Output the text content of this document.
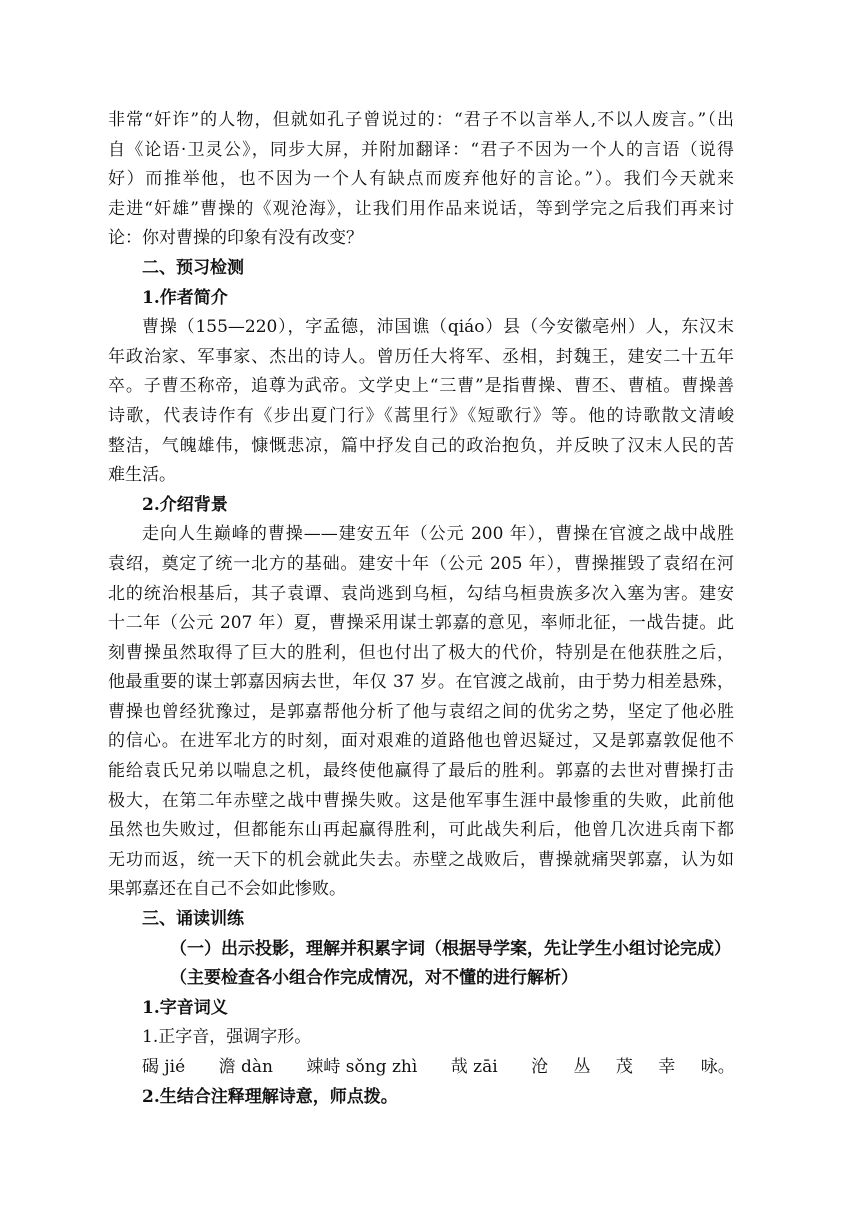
非常“奸诈”的人物，但就如孔子曾说过的：“君子不以言举人,不以人废言。”（出
自《论语·卫灵公》，同步大屏，并附加翻译：“君子不因为一个人的言语（说得
好）而推举他，也不因为一个人有缺点而废弃他好的言论。”）。我们今天就来
走进“奸雄”曹操的《观沧海》，让我们用作品来说话，等到学完之后我们再来讨
论：你对曹操的印象有没有改变？
二、预习检测
1.作者简介
曹操（155—220），字孟德，沛国谯（qiáo）县（今安徽亳州）人，东汉末
年政治家、军事家、杰出的诗人。曾历任大将军、丞相，封魏王，建安二十五年
卒。子曹丕称帝，追尊为武帝。文学史上“三曹”是指曹操、曹丕、曹植。曹操善
诗歌，代表诗作有《步出夏门行》《蒿里行》《短歌行》等。他的诗歌散文清峻
整洁，气魄雄伟，慷慨悲凉，篇中抒发自己的政治抱负，并反映了汉末人民的苦
难生活。
2.介绍背景
走向人生巅峰的曹操——建安五年（公元 200 年），曹操在官渡之战中战胜
袁绍，奠定了统一北方的基础。建安十年（公元 205 年），曹操摧毁了袁绍在河
北的统治根基后，其子袁谭、袁尚逃到乌桓，勾结乌桓贵族多次入塞为害。建安
十二年（公元 207 年）夏，曹操采用谋士郭嘉的意见，率师北征，一战告捷。此
刻曹操虽然取得了巨大的胜利，但也付出了极大的代价，特别是在他获胜之后，
他最重要的谋士郭嘉因病去世，年仅 37 岁。在官渡之战前，由于势力相差悬殊，
曹操也曾经犹豫过，是郭嘉帮他分析了他与袁绍之间的优劣之势，坚定了他必胜
的信心。在进军北方的时刻，面对艰难的道路他也曾迟疑过，又是郭嘉敦促他不
能给袁氏兄弟以喘息之机，最终使他赢得了最后的胜利。郭嘉的去世对曹操打击
极大，在第二年赤壁之战中曹操失败。这是他军事生涯中最惨重的失败，此前他
虽然也失败过，但都能东山再起赢得胜利，可此战失利后，他曾几次进兵南下都
无功而返，统一天下的机会就此失去。赤壁之战败后，曹操就痛哭郭嘉，认为如
果郭嘉还在自己不会如此惨败。
三、诵读训练
（一）出示投影，理解并积累字词（根据导学案，先让学生小组讨论完成）
（主要检查各小组合作完成情况，对不懂的进行解析）
1.字音词义
1.正字音，强调字形。
碣 jié 澹 dàn 竦峙 sǒng zhì 哉 zāi 沧 丛 茂 幸 咏。
2.生结合注释理解诗意，师点拨。
